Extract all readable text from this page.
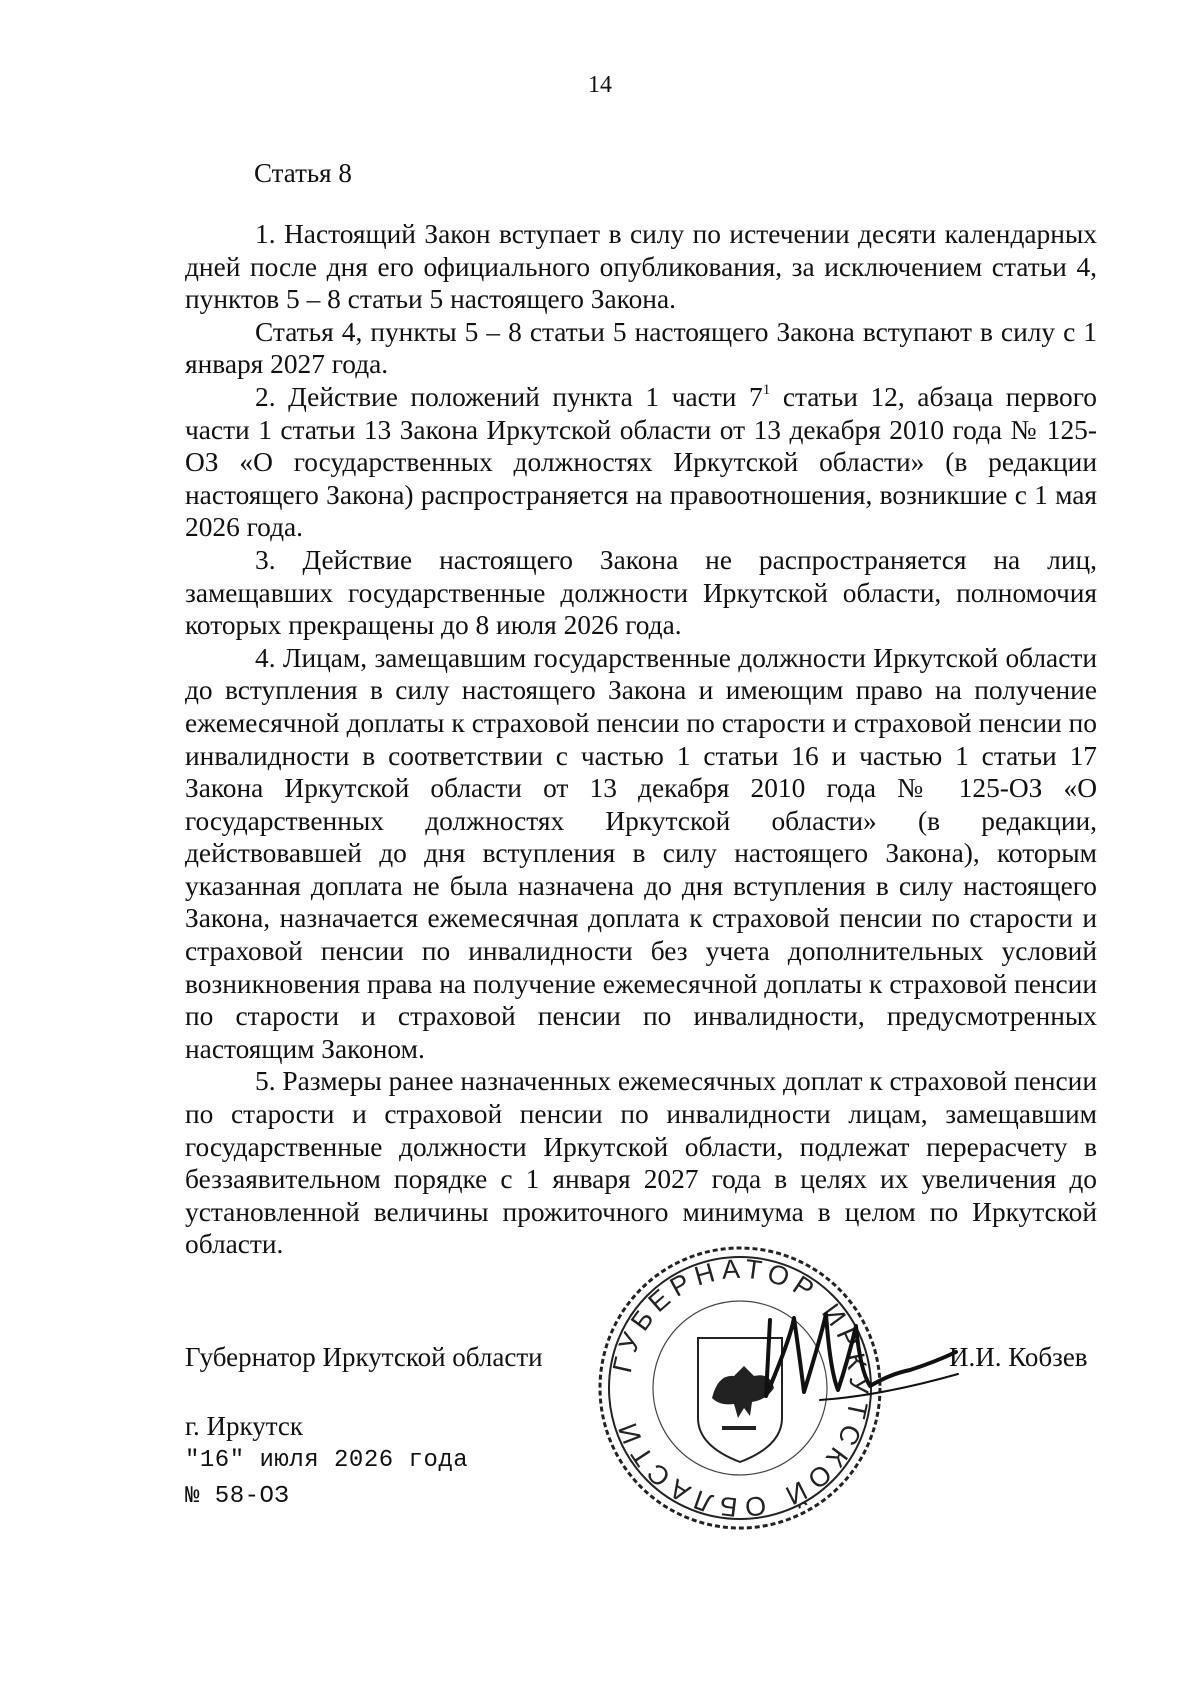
14
Статья 8

1. Настоящий Закон вступает в силу по истечении десяти календарных дней после дня его официального опубликования, за исключением статьи 4, пунктов 5 – 8 статьи 5 настоящего Закона.

Статья 4, пункты 5 – 8 статьи 5 настоящего Закона вступают в силу с 1 января 2027 года.

2. Действие положений пункта 1 части $7^1$ статьи 12, абзаца первого части 1 статьи 13 Закона Иркутской области от 13 декабря 2010 года № 125-ОЗ «О государственных должностях Иркутской области» (в редакции настоящего Закона) распространяется на правоотношения, возникшие с 1 мая 2026 года.

3. Действие настоящего Закона не распространяется на лиц, замещавших государственные должности Иркутской области, полномочия которых прекращены до 8 июля 2026 года.

4. Лицам, замещавшим государственные должности Иркутской области до вступления в силу настоящего Закона и имеющим право на получение ежемесячной доплаты к страховой пенсии по старости и страховой пенсии по инвалидности в соответствии с частью 1 статьи 16 и частью 1 статьи 17 Закона Иркутской области от 13 декабря 2010 года № 125-ОЗ «О государственных должностях Иркутской области» (в редакции, действовавшей до дня вступления в силу настоящего Закона), которым указанная доплата не была назначена до дня вступления в силу настоящего Закона, назначается ежемесячная доплата к страховой пенсии по старости и страховой пенсии по инвалидности без учета дополнительных условий возникновения права на получение ежемесячной доплаты к страховой пенсии по старости и страховой пенсии по инвалидности, предусмотренных настоящим Законом.

5. Размеры ранее назначенных ежемесячных доплат к страховой пенсии по старости и страховой пенсии по инвалидности лицам, замещавшим государственные должности Иркутской области, подлежат перерасчету в беззаявительном порядке с 1 января 2027 года в целях их увеличения до установленной величины прожиточного минимума в целом по Иркутской области.

ГУБЕРНАТОР ИРКУТСКОЙ ОБЛАСТИ
Губернатор Иркутской области	И.И. Кобзев
г. Иркутск
"16" июля 2026 года
№ 58-ОЗ
